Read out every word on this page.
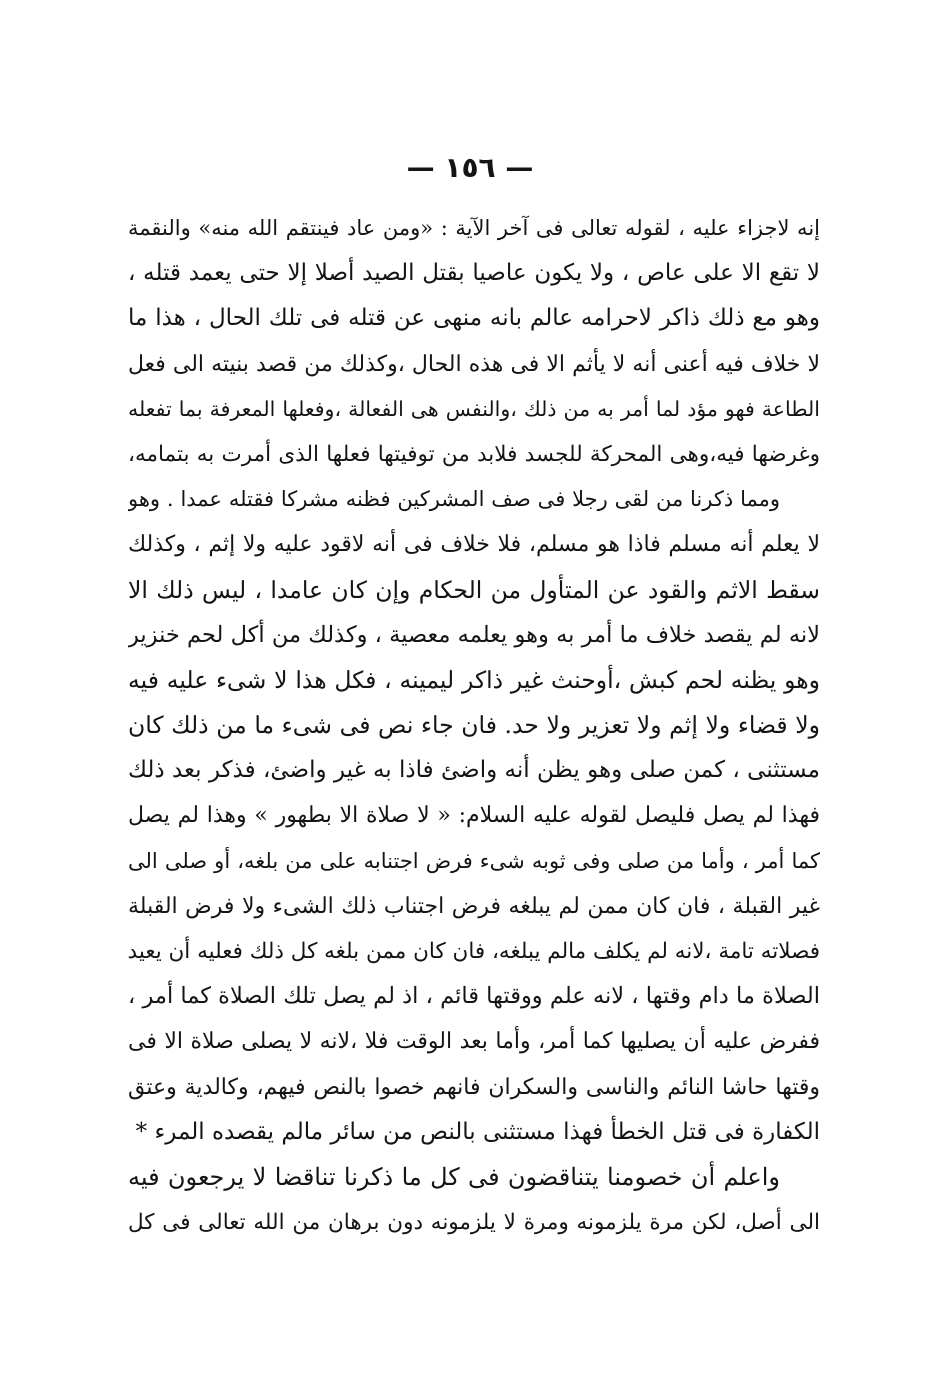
— ١٥٦ —
إنه لاجزاء عليه ، لقوله تعالى فى آخر الآية : «ومن عاد فينتقم الله منه» والنقمة
لا تقع الا على عاص ، ولا يكون عاصيا بقتل الصيد أصلا إلا حتى يعمد قتله ،
وهو مع ذلك ذاكر لاحرامه عالم بانه منهى عن قتله فى تلك الحال ، هذا ما
لا خلاف فيه أعنى أنه لا يأثم الا فى هذه الحال ،وكذلك من قصد بنيته الى فعل
الطاعة فهو مؤد لما أمر به من ذلك ،والنفس هى الفعالة ،وفعلها المعرفة بما تفعله
وغرضها فيه،وهى المحركة للجسد فلابد من توفيتها فعلها الذى أمرت به بتمامه،
ومما ذكرنا من لقى رجلا فى صف المشركين فظنه مشركا فقتله عمدا . وهو
لا يعلم أنه مسلم فاذا هو مسلم، فلا خلاف فى أنه لاقود عليه ولا إثم ، وكذلك
سقط الاثم والقود عن المتأول من الحكام وإن كان عامدا ، ليس ذلك الا
لانه لم يقصد خلاف ما أمر به وهو يعلمه معصية ، وكذلك من أكل لحم خنزير
وهو يظنه لحم كبش ،أوحنث غير ذاكر ليمينه ، فكل هذا لا شىء عليه فيه
ولا قضاء ولا إثم ولا تعزير ولا حد. فان جاء نص فى شىء ما من ذلك كان
مستثنى ، كمن صلى وهو يظن أنه واضئ فاذا به غير واضئ، فذكر بعد ذلك
فهذا لم يصل فليصل لقوله عليه السلام: « لا صلاة الا بطهور » وهذا لم يصل
كما أمر ، وأما من صلى وفى ثوبه شىء فرض اجتنابه على من بلغه، أو صلى الى
غير القبلة ، فان كان ممن لم يبلغه فرض اجتناب ذلك الشىء ولا فرض القبلة
فصلاته تامة ،لانه لم يكلف مالم يبلغه، فان كان ممن بلغه كل ذلك فعليه أن يعيد
الصلاة ما دام وقتها ، لانه علم ووقتها قائم ، اذ لم يصل تلك الصلاة كما أمر ،
ففرض عليه أن يصليها كما أمر، وأما بعد الوقت فلا ،لانه لا يصلى صلاة الا فى
وقتها حاشا النائم والناسى والسكران فانهم خصوا بالنص فيهم، وكالدية وعتق
الكفارة فى قتل الخطأ فهذا مستثنى بالنص من سائر مالم يقصده المرء *
واعلم أن خصومنا يتناقضون فى كل ما ذكرنا تناقضا لا يرجعون فيه
الى أصل، لكن مرة يلزمونه ومرة لا يلزمونه دون برهان من الله تعالى فى كل
